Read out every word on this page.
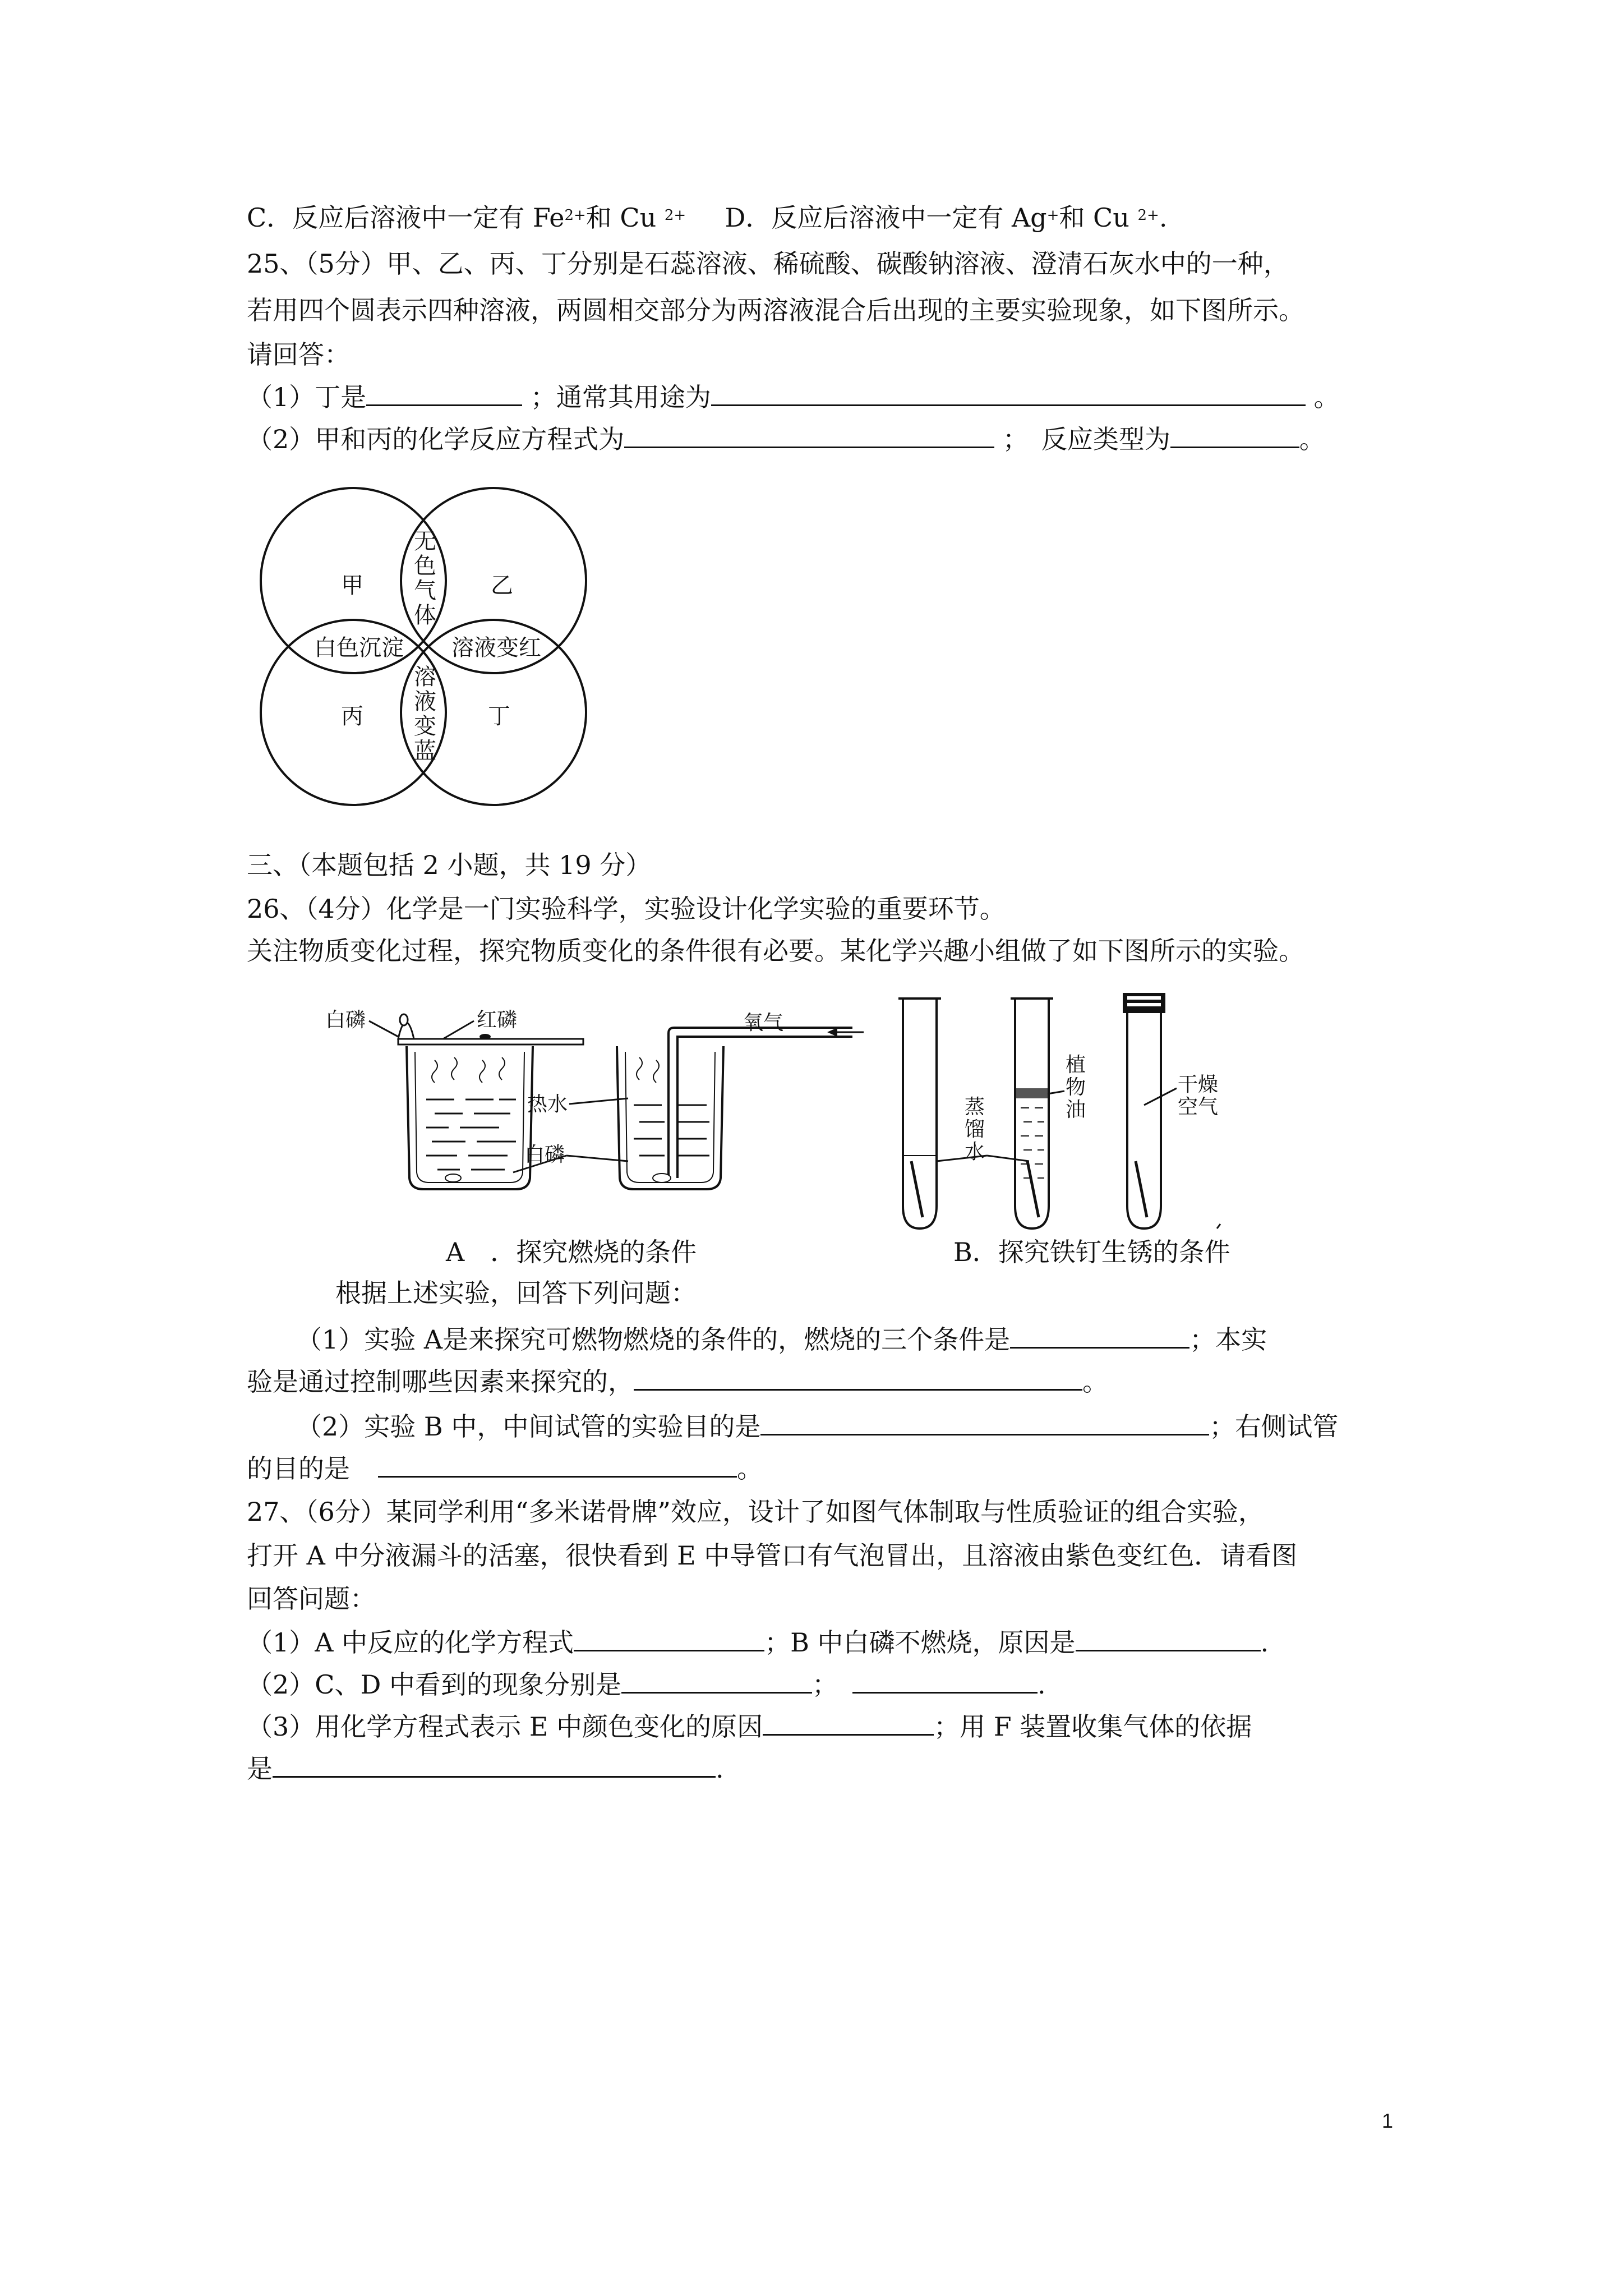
C．反应后溶液中一定有 $Fe^{2+}$和 Cu $^{2+}$ D．反应后溶液中一定有 Ag+和 Cu $^{2+}$.
25、（5分）甲、乙、丙、丁分别是石蕊溶液、稀硫酸、碳酸钠溶液、澄清石灰水中的一种，
若用四个圆表示四种溶液，两圆相交部分为两溶液混合后出现的主要实验现象，如下图所示。
请回答：
（1）丁是	；通常其用途为	。
（2）甲和丙的化学反应方程式为	；　反应类型为	。
甲	乙
丙	丁
无
色
气
体
白色沉淀 溶液变红
溶
液
变
蓝
三、（本题包括 2 小题，共 19 分）
26、（4分）化学是一门实验科学，实验设计化学实验的重要环节。
关注物质变化过程，探究物质变化的条件很有必要。某化学兴趣小组做了如下图所示的实验。
白磷	红磷	氧气
热水
白磷
蒸
馏
水
植
物
油
干燥
空气
A　．探究燃烧的条件	B．探究铁钉生锈的条件
根据上述实验，回答下列问题：
（1）实验 A是来探究可燃物燃烧的条件的，燃烧的三个条件是	；本实
验是通过控制哪些因素来探究的，	。
（2）实验 B 中，中间试管的实验目的是	；右侧试管
的目的是	。
27、（6分）某同学利用“多米诺骨牌”效应，设计了如图气体制取与性质验证的组合实验，
打开 A 中分液漏斗的活塞，很快看到 E 中导管口有气泡冒出，且溶液由紫色变红色．请看图
回答问题：
（1）A 中反应的化学方程式	；B 中白磷不燃烧，原因是	.
（2）C、D 中看到的现象分别是	；	.
（3）用化学方程式表示 E 中颜色变化的原因	；用 F 装置收集气体的依据
是	.
1
